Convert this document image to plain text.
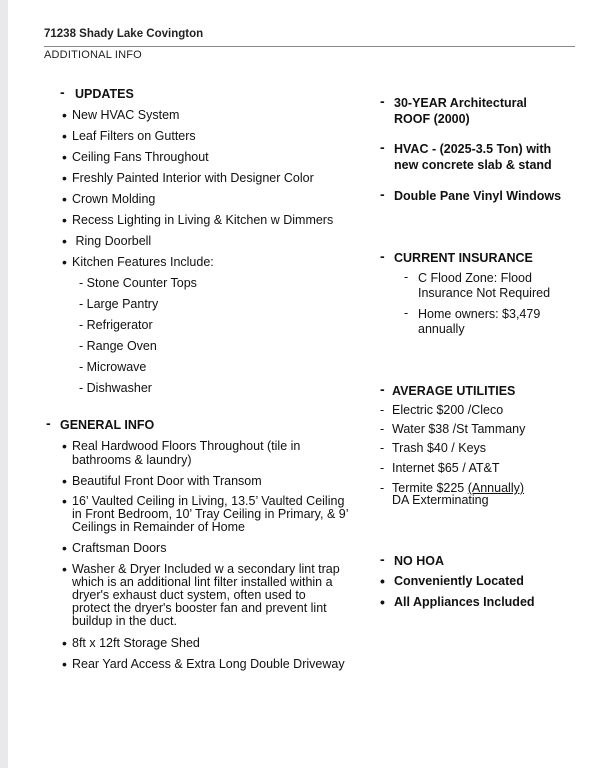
71238 Shady Lake Covington
ADDITIONAL INFO
- UPDATES
• New HVAC System
• Leaf Filters on Gutters
• Ceiling Fans Throughout
• Freshly Painted Interior with Designer Color
• Crown Molding
• Recess Lighting in Living & Kitchen w Dimmers
• Ring Doorbell
• Kitchen Features Include:
- Stone Counter Tops
- Large Pantry
- Refrigerator
- Range Oven
- Microwave
- Dishwasher
- GENERAL INFO
• Real Hardwood Floors Throughout (tile in
bathrooms & laundry)
• Beautiful Front Door with Transom
• 16’ Vaulted Ceiling in Living, 13.5’ Vaulted Ceiling
in Front Bedroom, 10’ Tray Ceiling in Primary, & 9’
Ceilings in Remainder of Home
• Craftsman Doors
• Washer & Dryer Included w a secondary lint trap
which is an additional lint filter installed within a
dryer's exhaust duct system, often used to
protect the dryer's booster fan and prevent lint
buildup in the duct.
• 8ft x 12ft Storage Shed
• Rear Yard Access & Extra Long Double Driveway
- 30-YEAR Architectural
ROOF (2000)
- HVAC - (2025-3.5 Ton) with
new concrete slab & stand
- Double Pane Vinyl Windows
- CURRENT INSURANCE
- C Flood Zone: Flood
Insurance Not Required
- Home owners: $3,479
annually
- AVERAGE UTILITIES
- Electric $200 /Cleco
- Water $38 /St Tammany
- Trash $40 / Keys
- Internet $65 / AT&T
- Termite $225 (Annually)
DA Exterminating
- NO HOA
• Conveniently Located
• All Appliances Included
